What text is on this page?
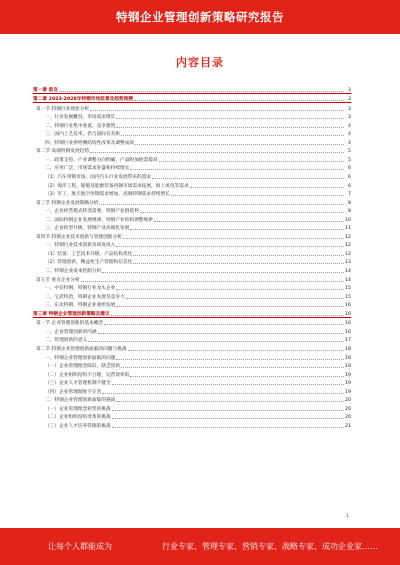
特钢企业管理创新策略研究报告
内容目录
第一章 前言	3
第二章 2023-2028年特钢市场前景及趋势预测	3
第一节 特钢行业现状分析	3
一、行业发展概况，市场需求增长	3
二、特钢行业集中度低，竞争激烈	4
三、国内工艺技术，仍与国际有差距	4
四、特钢行业供给侧结构性改革及调整成效	4
第二节 高端特钢发展趋势	5
一、政策支持，产业调整方向明确，产品附加值需提高	5
二、应用广泛，市场需求旺盛和持续增长	6
（1）汽车用钢市场，国内汽车行业发展带来的需求	6
（2）海洋工程、船舶及能源装备用钢市场需求拓展，海上风电等需求	6
（3）军工、航天航空用钢需求增加，高端特钢需求持续增长	7
第三节 特钢企业发展策略分析	8
一、企业经营模式转变需要，特钢产业链延伸	8
二、国际特钢企业发展规律，特钢产业结构调整规律	10
三、企业转型升级，特钢产业高端化发展	11
第四节 特钢企业技术创新与管理创新分析	12
一、特钢行业技术创新及研发投入	12
（1）装备、工艺技术升级，产品结构优化	12
（2）管理创新，精益化生产管理和信息化	13
二、特钢企业成本控制分析	14
第五节 重点企业分析	14
一、中信特钢，特钢行业龙头企业	15
二、宝武特冶，特钢企业发展及竞争力	15
三、东北特钢，特钢企业重组发展	16
第三章 特钢企业管理创新策略及建议	16
第一节 企业管理创新的基本概念	16
一、企业管理创新的内涵	16
二、管理创新的意义	17
第二节 特钢企业管理创新面临的问题与挑战	18
一、特钢企业管理创新面临的问题	18
（一）企业管理理念陈旧，缺乏创新	19
（二）企业组织结构不合理，运营效率低	19
（三）企业人才管理机制不健全	19
（四）企业管理制度不完善	19
二、特钢企业管理创新面临的挑战	20
（一）企业管理理念转变的挑战	20
（二）企业组织结构变革的挑战	20
（三）企业人才培养管理的挑战	21
1
让每个人都能成为	行业专家、管理专家、营销专家、战略专家、成功企业家……
